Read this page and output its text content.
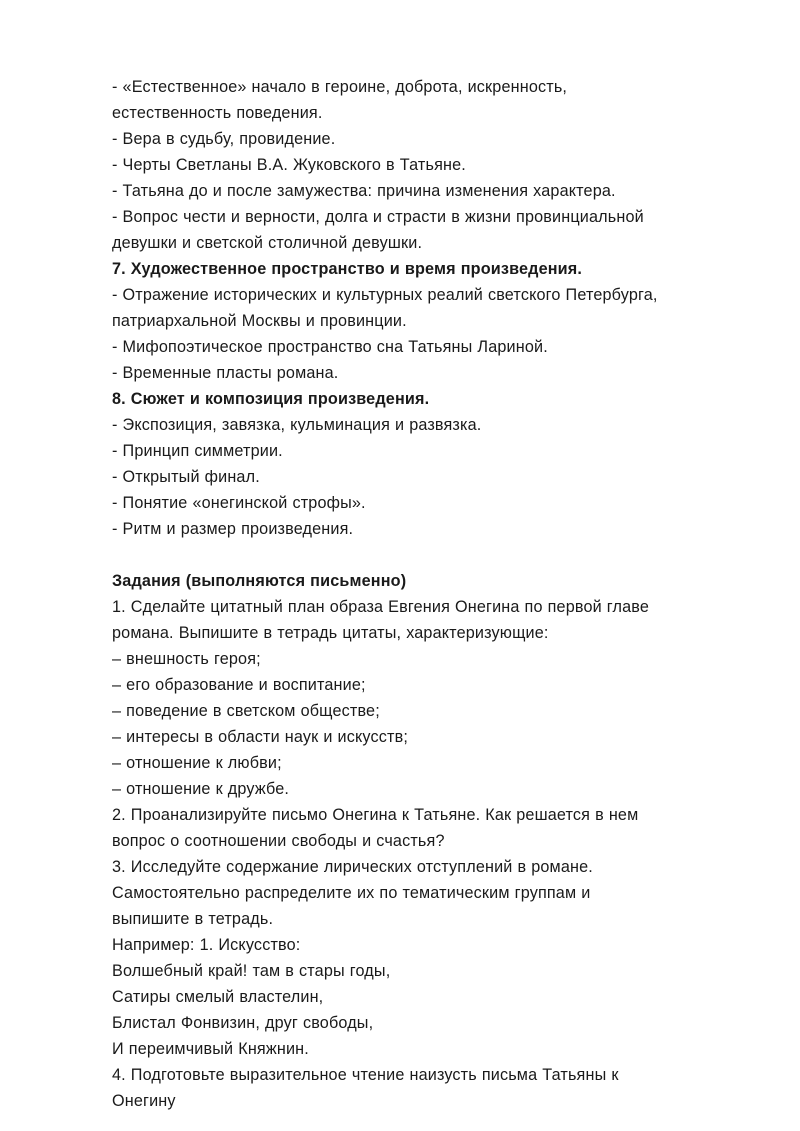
- «Естественное» начало в героине, доброта, искренность,
естественность поведения.
- Вера в судьбу, провидение.
- Черты Светланы В.А. Жуковского в Татьяне.
- Татьяна до и после замужества: причина изменения характера.
- Вопрос чести и верности, долга и страсти в жизни провинциальной
девушки и светской столичной девушки.
7. Художественное пространство и время произведения.
- Отражение исторических и культурных реалий светского Петербурга,
патриархальной Москвы и провинции.
- Мифопоэтическое пространство сна Татьяны Лариной.
- Временные пласты романа.
8. Сюжет и композиция произведения.
- Экспозиция, завязка, кульминация и развязка.
- Принцип симметрии.
- Открытый финал.
- Понятие «онегинской строфы».
- Ритм и размер произведения.
Задания (выполняются письменно)
1. Сделайте цитатный план образа Евгения Онегина по первой главе
романа. Выпишите в тетрадь цитаты, характеризующие:
– внешность героя;
– его образование и воспитание;
– поведение в светском обществе;
– интересы в области наук и искусств;
– отношение к любви;
– отношение к дружбе.
2. Проанализируйте письмо Онегина к Татьяне. Как решается в нем
вопрос о соотношении свободы и счастья?
3. Исследуйте содержание лирических отступлений в романе.
Самостоятельно распределите их по тематическим группам и
выпишите в тетрадь.
Например: 1. Искусство:
Волшебный край! там в стары годы,
Сатиры смелый властелин,
Блистал Фонвизин, друг свободы,
И переимчивый Княжнин.
4. Подготовьте выразительное чтение наизусть письма Татьяны к
Онегину
